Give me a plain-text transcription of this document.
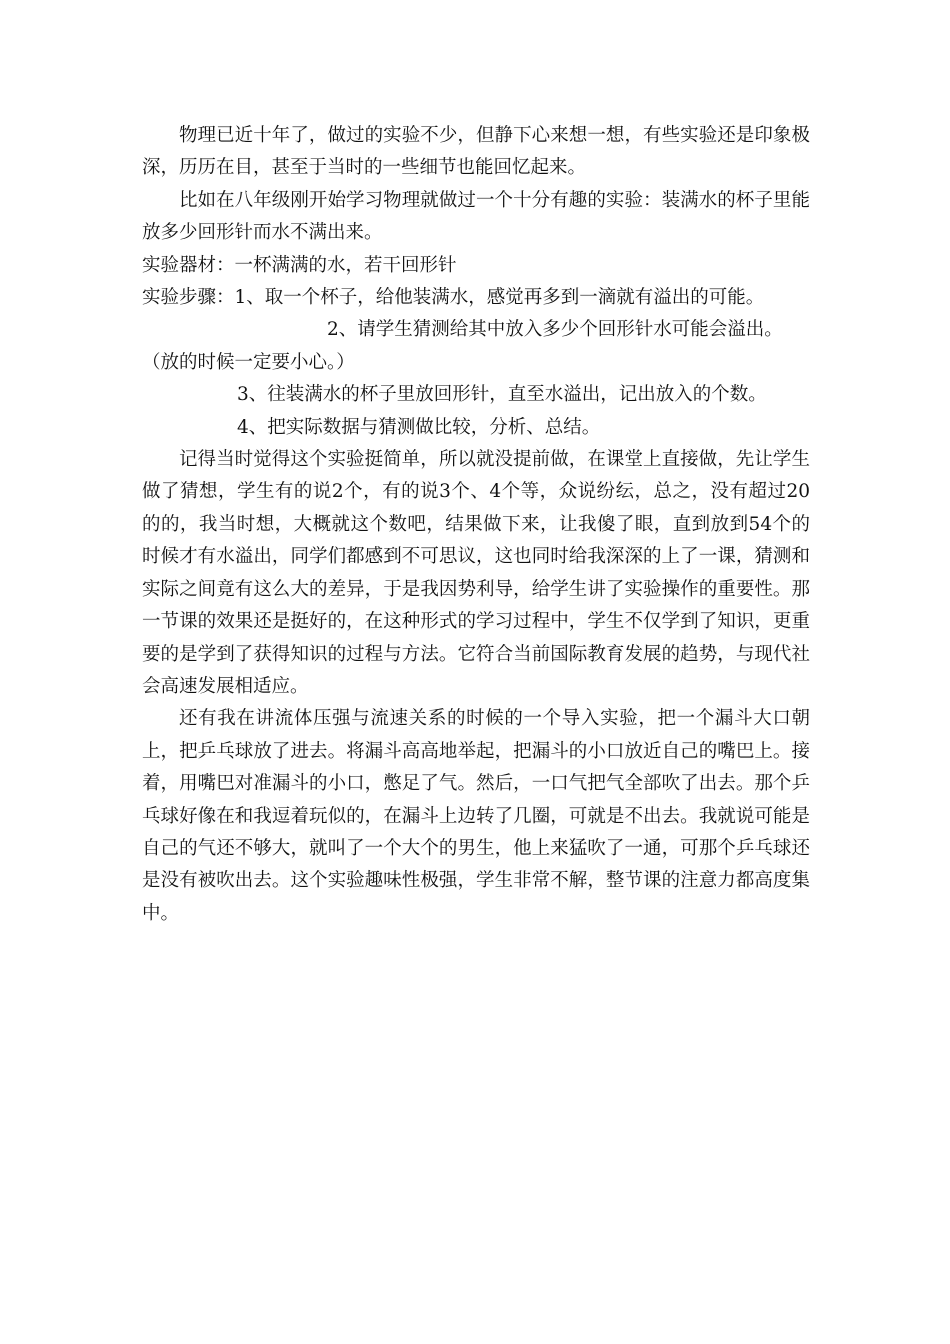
物理已近十年了，做过的实验不少，但静下心来想一想，有些实验还是印象极深，历历在目，甚至于当时的一些细节也能回忆起来。

比如在八年级刚开始学习物理就做过一个十分有趣的实验：装满水的杯子里能放多少回形针而水不满出来。

实验器材：一杯满满的水，若干回形针

实验步骤：1、取一个杯子，给他装满水，感觉再多到一滴就有溢出的可能。

2、请学生猜测给其中放入多少个回形针水可能会溢出。

（放的时候一定要小心。）

3、往装满水的杯子里放回形针，直至水溢出，记出放入的个数。

4、把实际数据与猜测做比较，分析、总结。

记得当时觉得这个实验挺简单，所以就没提前做，在课堂上直接做，先让学生做了猜想，学生有的说2个，有的说3个、4个等，众说纷纭，总之，没有超过20的的，我当时想，大概就这个数吧，结果做下来，让我傻了眼，直到放到54个的时候才有水溢出，同学们都感到不可思议，这也同时给我深深的上了一课，猜测和实际之间竟有这么大的差异，于是我因势利导，给学生讲了实验操作的重要性。那一节课的效果还是挺好的，在这种形式的学习过程中，学生不仅学到了知识，更重要的是学到了获得知识的过程与方法。它符合当前国际教育发展的趋势，与现代社会高速发展相适应。

还有我在讲流体压强与流速关系的时候的一个导入实验，把一个漏斗大口朝上，把乒乓球放了进去。将漏斗高高地举起，把漏斗的小口放近自己的嘴巴上。接着，用嘴巴对准漏斗的小口，憋足了气。然后，一口气把气全部吹了出去。那个乒乓球好像在和我逗着玩似的，在漏斗上边转了几圈，可就是不出去。我就说可能是自己的气还不够大，就叫了一个大个的男生，他上来猛吹了一通，可那个乒乓球还是没有被吹出去。这个实验趣味性极强，学生非常不解，整节课的注意力都高度集中。
